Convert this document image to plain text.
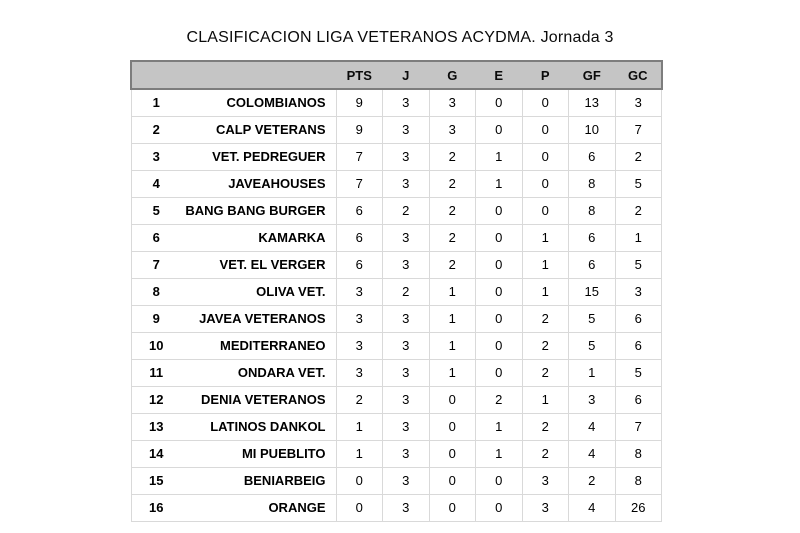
CLASIFICACION LIGA VETERANOS ACYDMA. Jornada 3
		PTS	J	G	E	P	GF	GC
1	COLOMBIANOS	9	3	3	0	0	13	3
2	CALP VETERANS	9	3	3	0	0	10	7
3	VET. PEDREGUER	7	3	2	1	0	6	2
4	JAVEAHOUSES	7	3	2	1	0	8	5
5	BANG BANG BURGER	6	2	2	0	0	8	2
6	KAMARKA	6	3	2	0	1	6	1
7	VET. EL VERGER	6	3	2	0	1	6	5
8	OLIVA VET.	3	2	1	0	1	15	3
9	JAVEA VETERANOS	3	3	1	0	2	5	6
10	MEDITERRANEO	3	3	1	0	2	5	6
11	ONDARA VET.	3	3	1	0	2	1	5
12	DENIA VETERANOS	2	3	0	2	1	3	6
13	LATINOS DANKOL	1	3	0	1	2	4	7
14	MI PUEBLITO	1	3	0	1	2	4	8
15	BENIARBEIG	0	3	0	0	3	2	8
16	ORANGE	0	3	0	0	3	4	26
